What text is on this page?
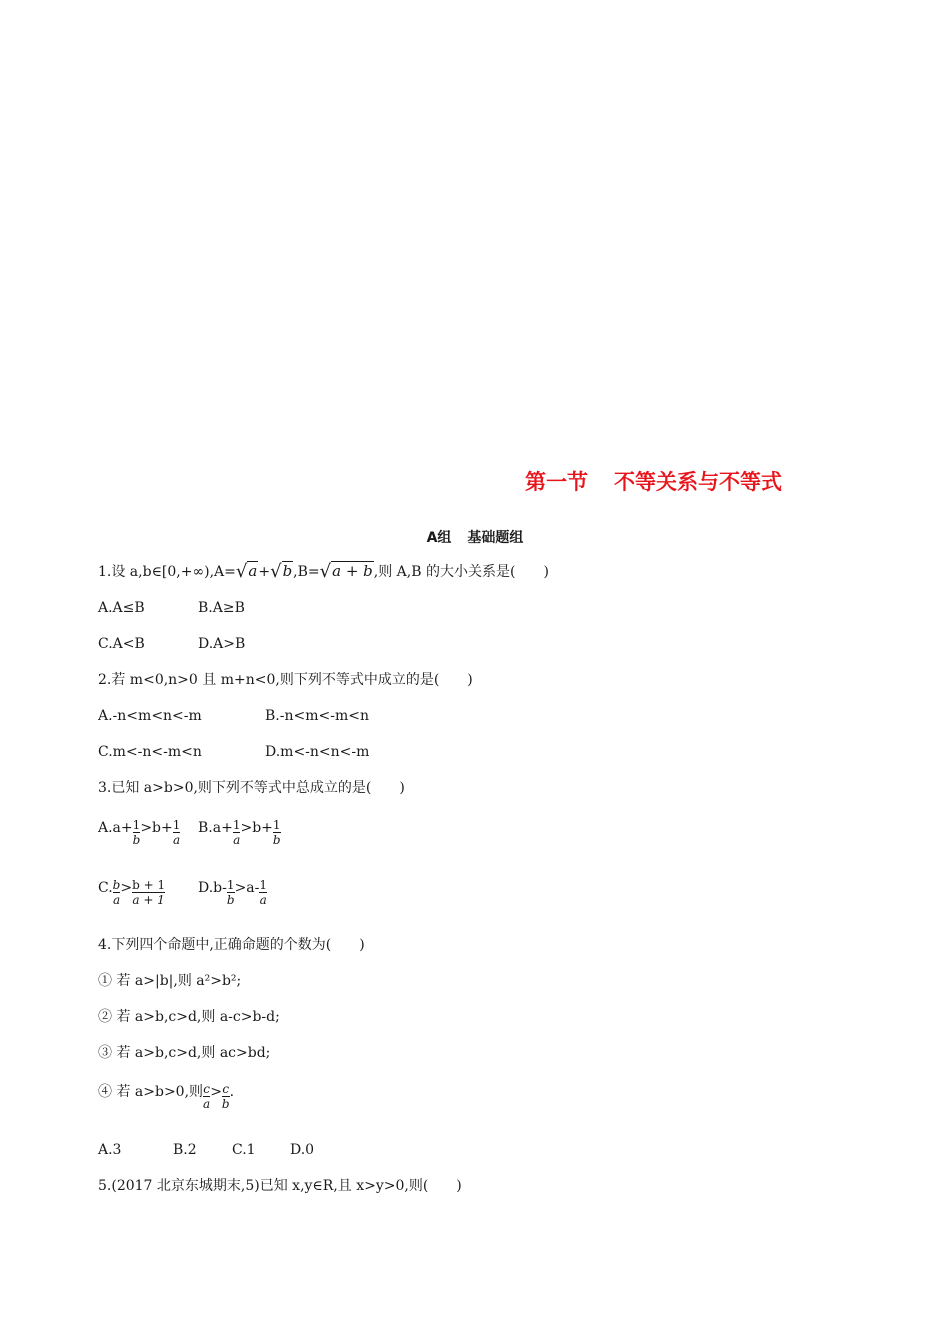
第一节 不等关系与不等式
A组 基础题组
1.设 a,b∈[0,+∞),A=√a+√b,B=√a + b,则 A,B 的大小关系是(　　)
A.A≤B	B.A≥B
C.A<B	D.A>B
2.若 m<0,n>0 且 m+n<0,则下列不等式中成立的是(　　)
A.-n<m<n<-m	B.-n<m<-m<n
C.m<-n<-m<n	D.m<-n<n<-m
3.已知 a>b>0,则下列不等式中总成立的是(　　)
$A.a+ \frac{1}{b} >b+ \frac{1}{a} B.a+ \frac{1}{a} >b+ \frac{1}{b}$
C. $\frac{b}{a} > \frac{b + 1}{a + 1} D.b- \frac{1}{b} >a- \frac{1}{a}$
4.下列四个命题中,正确命题的个数为(　　)
① 若 a>|b|,则 a²>b²;
② 若 a>b,c>d,则 a-c>b-d;
③ 若 a>b,c>d,则 ac>bd;
④ 若 a>b>0,则 $\frac{c}{a} > \frac{c}{b}$ .
A.3	B.2	C.1 D.0
5.(2017 北京东城期末,5)已知 x,y∈R,且 x>y>0,则(　　)
